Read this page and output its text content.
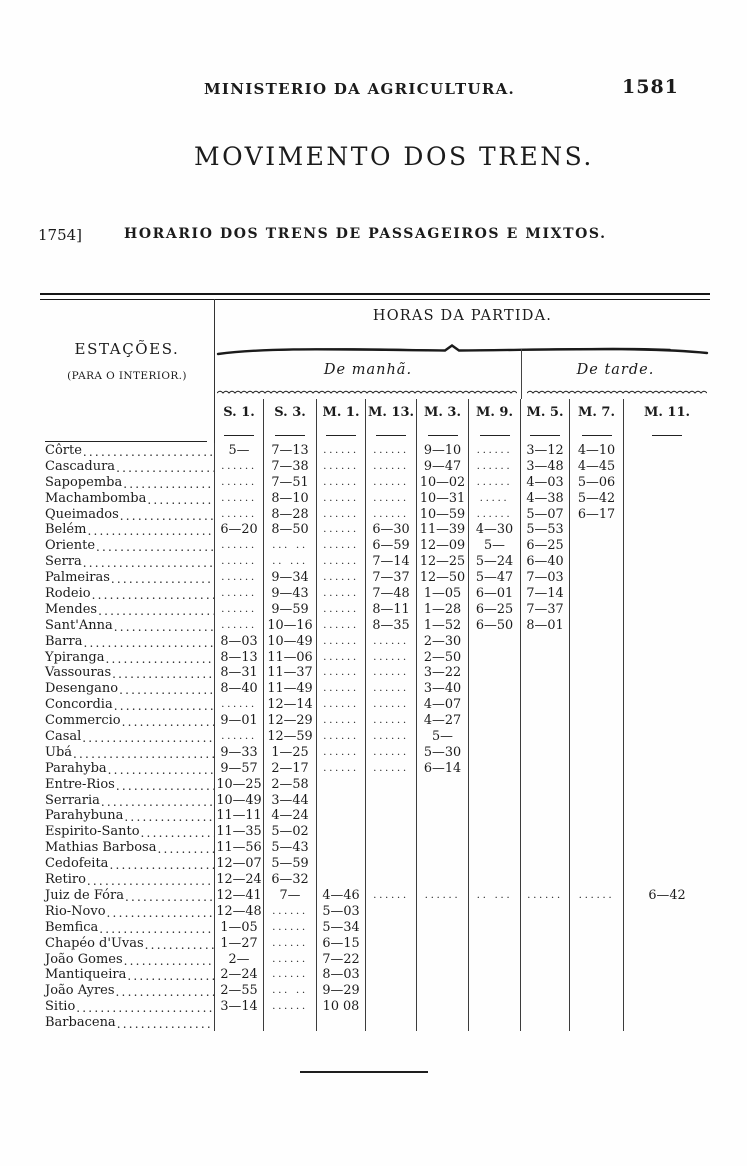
MINISTERIO DA AGRICULTURA.	1581
MOVIMENTO DOS TRENS.
1754]	HORARIO DOS TRENS DE PASSAGEIROS E MIXTOS.
ESTAÇÕES.
(PARA O INTERIOR.)
HORAS DA PARTIDA.
De manhã.	De tarde.
S. 1.	S. 3.	M. 1. M. 13. M. 3.	M. 9.	M. 5.	M. 7.	M. 11.
Côrte .....	5—	7—13	......	......	9—10	......	3—12	4—10
Cascadura .....	......	7—38	......	......	9—47	......	3—48	4—45
Sapopemba .....	......	7—51	......	...... 10—02	......	4—03	5—06
Machambomba .....	......	8—10	......	...... 10—31	.....	4—38	5—42
Queimados .....	......	8—28	......	...... 10—59	......	5—07	6—17
Belém .....	6—20	8—50	......	6—30 11—39 4—30	5—53
Oriente .....	......	... ..	......	6—59 12—09	5—	6—25
Serra .....	......	.. ...	......	7—14 12—25 5—24	6—40
Palmeiras .....	......	9—34	......	7—37 12—50 5—47	7—03
Rodeio .....	......	9—43	......	7—48	1—05	6—01	7—14
Mendes .....	......	9—59	......	8—11	1—28	6—25	7—37
Sant'Anna .....	...... 10—16 ......	8—35	1—52	6—50	8—01
Barra .....	8—03 10—49 ......	......	2—30
Ypiranga .....	8—13 11—06 ......	......	2—50
Vassouras .....	8—31 11—37 ......	......	3—22
Desengano .....	8—40 11—49 ......	......	3—40
Concordia .....	...... 12—14 ......	......	4—07
Commercio .....	9—01 12—29 ......	......	4—27
Casal .....	...... 12—59 ......	......	5—
Ubá .....	9—33	1—25	......	......	5—30
Parahyba .....	9—57	2—17	......	......	6—14
Entre-Rios .....	10—25 2—58
Serraria .....	10—49 3—44
Parahybuna .....	11—11 4—24
Espirito-Santo .....	11—35 5—02
Mathias Barbosa .....	11—56 5—43
Cedofeita .....	12—07 5—59
Retiro .....	12—24 6—32
Juiz de Fóra .....	12—41	7—	4—46	......	......	.. ...	......	......	6—42
Rio-Novo .....	12—48 ......	5—03
Bemfica .....	1—05	......	5—34
Chapéo d'Uvas .....	1—27	......	6—15
João Gomes .....	2—	......	7—22
Mantiqueira .....	2—24	......	8—03
João Ayres .....	2—55	... ..	9—29
Sitio .....	3—14	......	10 08
Barbacena
.....
